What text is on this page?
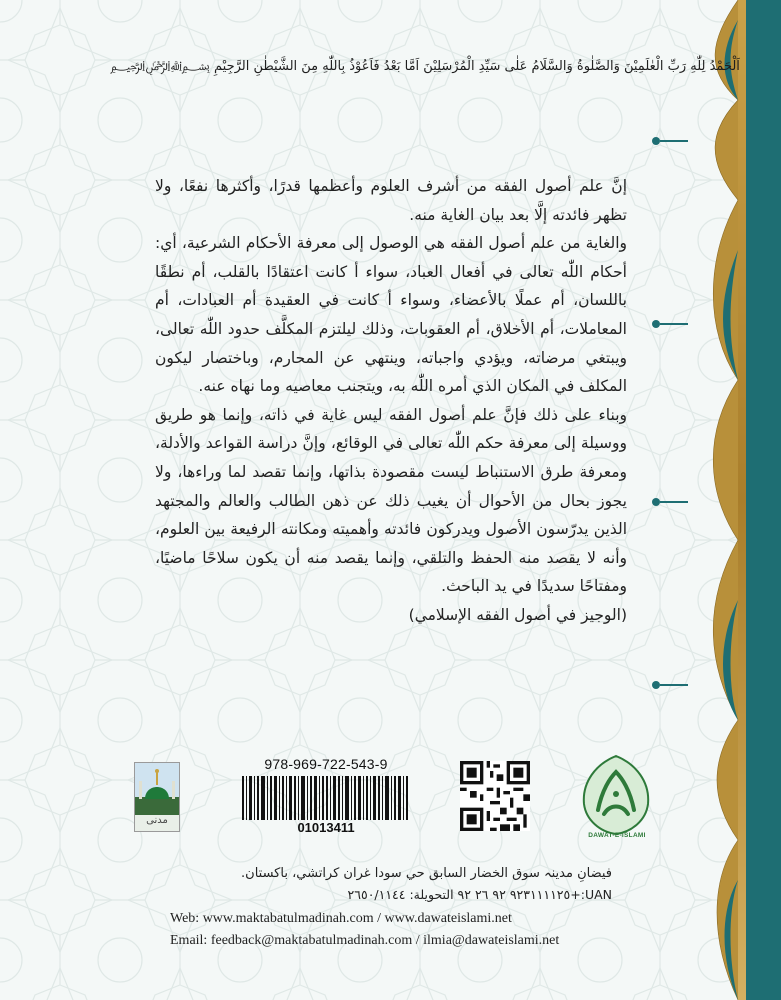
اَلْحَمْدُ لِلّٰهِ رَبِّ الْعٰلَمِيْنَ وَالصَّلٰوةُ وَالسَّلَامُ عَلٰى سَيِّدِ الْمُرْسَلِيْنَ اَمَّا بَعْدُ فَاَعُوْذُ بِاللّٰهِ مِنَ الشَّيْطٰنِ الرَّجِيْمِ ﷽

إنَّ علم أصول الفقه من أشرف العلوم وأعظمها قدرًا، وأكثرها نفعًا، ولا تظهر فائدته إلَّا بعد بيان الغاية منه.

والغاية من علم أصول الفقه هي الوصول إلى معرفة الأحكام الشرعية، أي: أحكام اللّٰه تعالى في أفعال العباد، سواء أ كانت اعتقادًا بالقلب، أم نطقًا باللسان، أم عملًا بالأعضاء، وسواء أ كانت في العقيدة أم العبادات، أم المعاملات، أم الأخلاق، أم العقوبات، وذلك ليلتزم المكلَّف حدود اللّٰه تعالى، ويبتغي مرضاته، ويؤدي واجباته، وينتهي عن المحارم، وباختصار ليكون المكلف في المكان الذي أمره اللّٰه به، ويتجنب معاصيه وما نهاه عنه.

وبناء على ذلك فإنَّ علم أصول الفقه ليس غاية في ذاته، وإنما هو طريق ووسيلة إلى معرفة حكم اللّٰه تعالى في الوقائع، وإنَّ دراسة القواعد والأدلة، ومعرفة طرق الاستنباط ليست مقصودة بذاتها، وإنما تقصد لما وراءها، ولا يجوز بحال من الأحوال أن يغيب ذلك عن ذهن الطالب والعالم والمجتهد الذين يدرّسون الأصول ويدركون فائدته وأهميته ومكانته الرفيعة بين العلوم، وأنه لا يقصد منه الحفظ والتلقي، وإنما يقصد منه أن يكون سلاحًا ماضيًا، ومفتاحًا سديدًا في يد الباحث.

(الوجيز في أصول الفقه الإسلامي)

مدنی
978-969-722-543-9
01013411
DAWAT-E-ISLAMI
فیضانِ مدینہ سوق الخضار السابق حي سودا غران کراتشي، باکستان.
UAN:+٩٢٣١١١١٢٥ ٩٢ ٢٦ ٩٢ التحويلة: ٢٦٥٠/١١٤٤
Web: www.maktabatulmadinah.com / www.dawateislami.net
Email: feedback@maktabatulmadinah.com / ilmia@dawateislami.net
